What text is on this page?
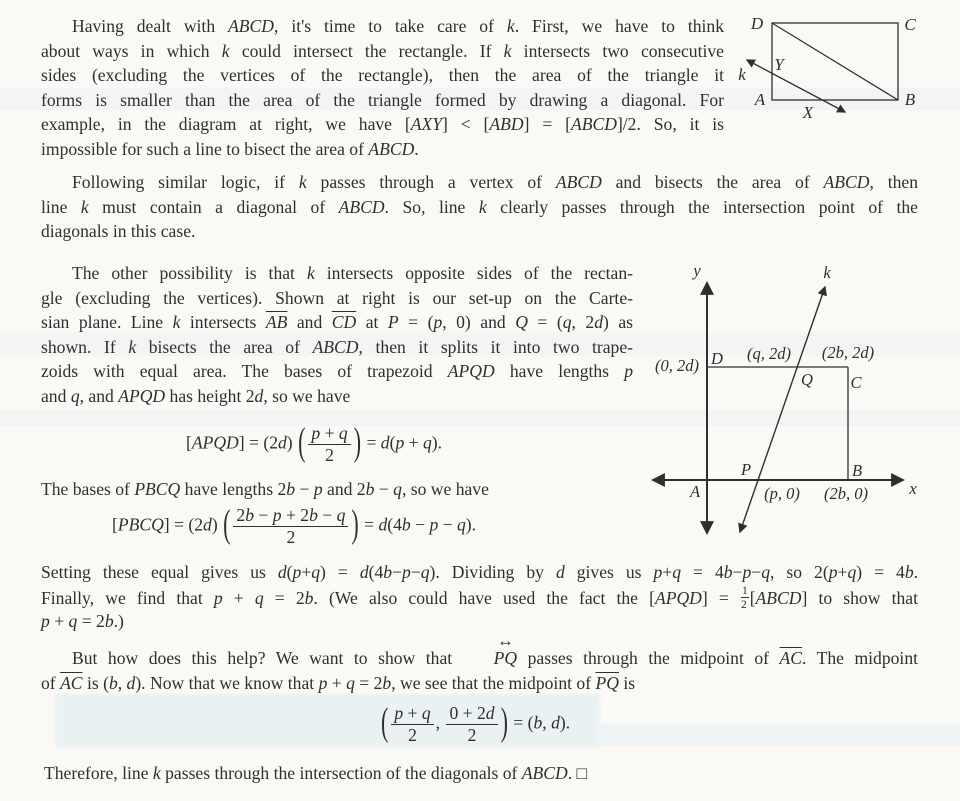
Having dealt with ABCD, it's time to take care of k. First, we have to think
about ways in which k could intersect the rectangle. If k intersects two consecutive
sides (excluding the vertices of the rectangle), then the area of the triangle it
forms is smaller than the area of the triangle formed by drawing a diagonal. For
example, in the diagram at right, we have [AXY] < [ABD] = [ABCD]/2. So, it is
impossible for such a line to bisect the area of ABCD.
D	C
A	B
Y
X
k
Following similar logic, if k passes through a vertex of ABCD and bisects the area of ABCD, then
line k must contain a diagonal of ABCD. So, line k clearly passes through the intersection point of the
diagonals in this case.
The other possibility is that k intersects opposite sides of the rectan-
gle (excluding the vertices). Shown at right is our set-up on the Carte-
sian plane. Line k intersects $\overline{AB}$ and $\overline{CD}$ at P = (p, 0) and Q = (q, 2d) as
shown. If k bisects the area of ABCD, then it splits it into two trape-
zoids with equal area. The bases of trapezoid APQD have lengths p
and q, and APQD has height 2d, so we have
y
x
k
D
(0, 2d)
(q, 2d) (2b, 2d)
Q C
P
(p, 0)
B
(2b, 0)
A
[APQD] = (2d) ( $\frac{p + q}{2}$ ) = d(p + q).
The bases of PBCQ have lengths 2b − p and 2b − q, so we have
[PBCQ] = (2d) ( $\frac{2b - p + 2b - q}{2}$ ) = d(4b − p − q).
Setting these equal gives us d(p+q) = d(4b−p−q). Dividing by d gives us p+q = 4b−p−q, so 2(p+q) = 4b.
Finally, we find that p + q = 2b. (We also could have used the fact the [APQD] = $\frac{1}{2}$ [ABCD] to show that
p + q = 2b.)
But how does this help? We want to show that
↔
PQ passes through the midpoint of $\overline{AC}$. The midpoint
of $\overline{AC}$ is (b, d). Now that we know that p + q = 2b, we see that the midpoint of $\overline{PQ}$ is
( $\frac{p + q}{2}$ , $\frac{0 + 2d}{2}$ ) = (b, d).
Therefore, line k passes through the intersection of the diagonals of ABCD. □
